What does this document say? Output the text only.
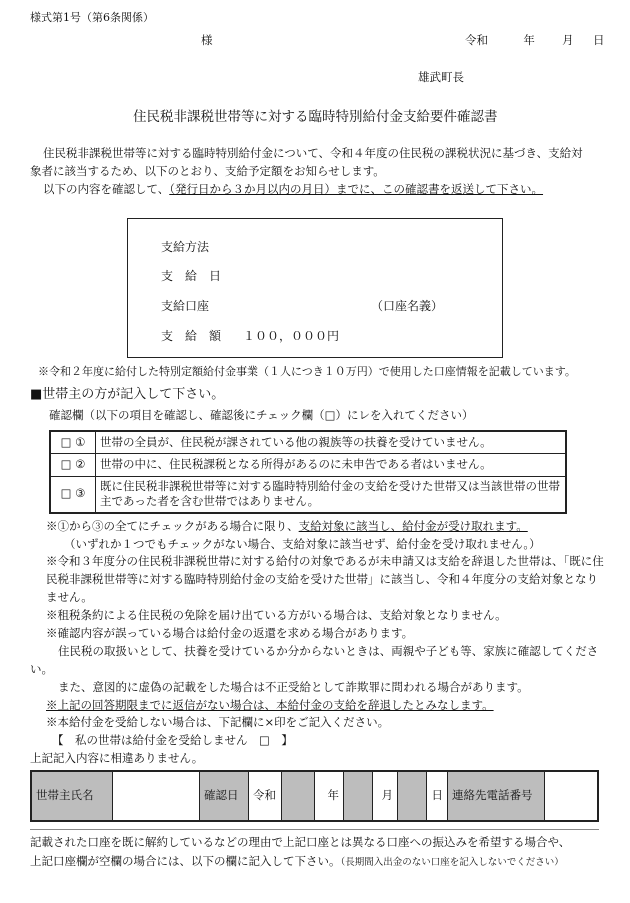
様式第1号（第6条関係）
様	令和	年 月 日
雄武町長
住民税非課税世帯等に対する臨時特別給付金支給要件確認書
住民税非課税世帯等に対する臨時特別給付金について、令和４年度の住民税の課税状況に基づき、支給対
象者に該当するため、以下のとおり、支給予定額をお知らせします。
以下の内容を確認して、（発行日から３か月以内の月日）までに、この確認書を返送して下さい。
支給方法
支　給　日
支給口座	（口座名義）
支　給　額 １００，０００円
※令和２年度に給付した特別定額給付金事業（１人につき１０万円）で使用した口座情報を記載しています。
■世帯主の方が記入して下さい。
確認欄（以下の項目を確認し、確認後にチェック欄（□）にレを入れてください）
□ ①	世帯の全員が、住民税が課されている他の親族等の扶養を受けていません。
□ ②	世帯の中に、住民税課税となる所得があるのに未申告である者はいません。
□ ③	既に住民税非課税世帯等に対する臨時特別給付金の支給を受けた世帯又は当該世帯の世帯主であった者を含む世帯ではありません。
※①から③の全てにチェックがある場合に限り、支給対象に該当し、給付金が受け取れます。
（いずれか１つでもチェックがない場合、支給対象に該当せず、給付金を受け取れません。）
※令和３年度分の住民税非課税世帯に対する給付の対象であるが未申請又は支給を辞退した世帯は、「既に住民税非課税世帯等に対する臨時特別給付金の支給を受けた世帯」に該当し、令和４年度分の支給対象となりません。
※租税条約による住民税の免除を届け出ている方がいる場合は、支給対象となりません。
※確認内容が誤っている場合は給付金の返還を求める場合があります。
住民税の取扱いとして、扶養を受けているか分からないときは、両親や子ども等、家族に確認してください。
また、意図的に虚偽の記載をした場合は不正受給として詐欺罪に問われる場合があります。
※上記の回答期限までに返信がない場合は、本給付金の支給を辞退したとみなします。
※本給付金を受給しない場合は、下記欄に×印をご記入ください。
【　私の世帯は給付金を受給しません　□　】
上記記入内容に相違ありません。
世帯主氏名		確認日	令和		年		月		日	連絡先電話番号	
記載された口座を既に解約しているなどの理由で上記口座とは異なる口座への振込みを希望する場合や、
上記口座欄が空欄の場合には、以下の欄に記入して下さい。（長期間入出金のない口座を記入しないでください）
